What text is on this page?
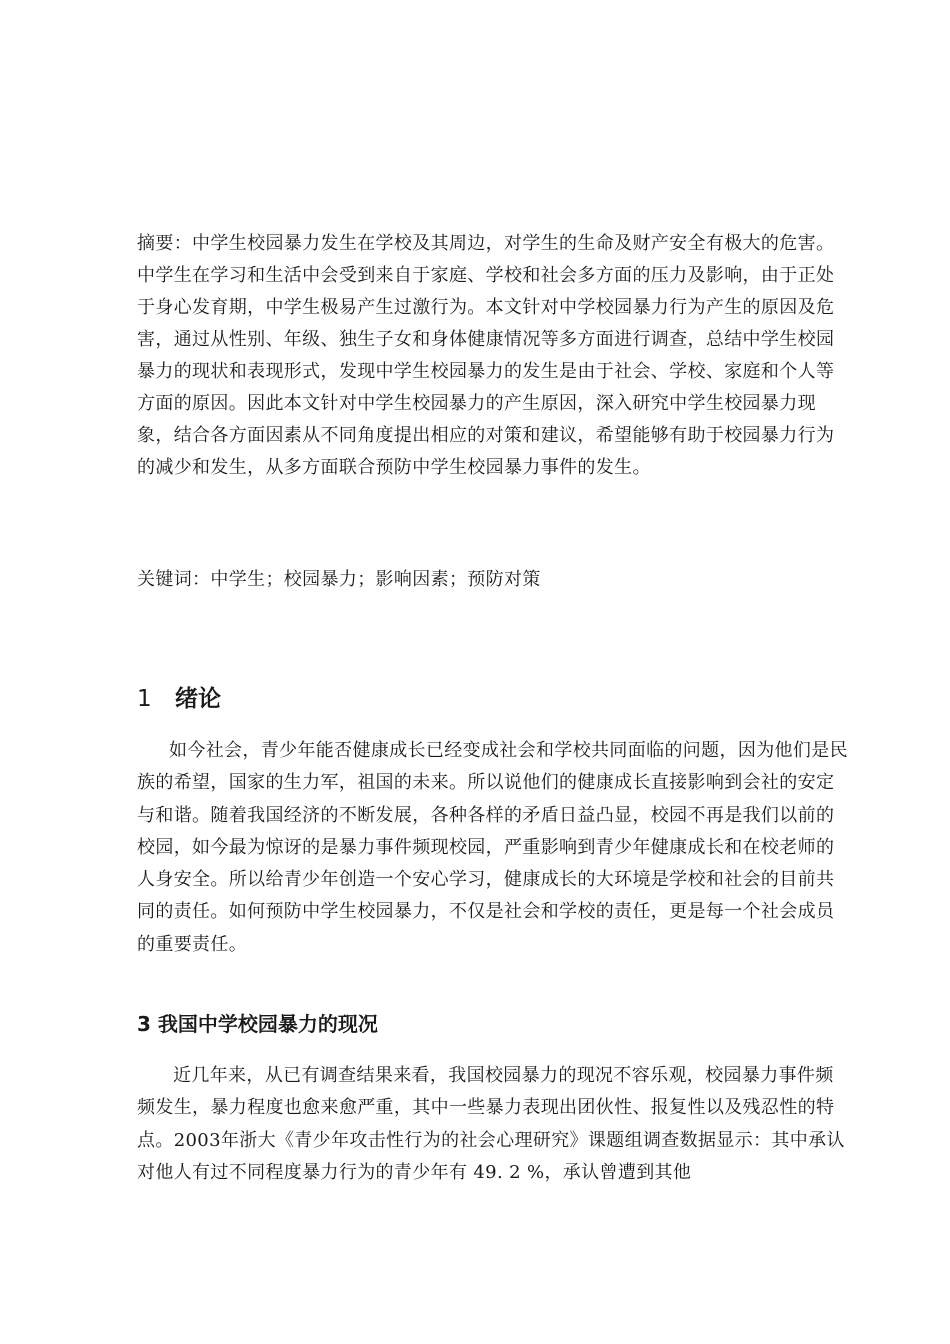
摘要：中学生校园暴力发生在学校及其周边，对学生的生命及财产安全有极大的危害。中学生在学习和生活中会受到来自于家庭、学校和社会多方面的压力及影响，由于正处于身心发育期，中学生极易产生过激行为。本文针对中学校园暴力行为产生的原因及危害，通过从性别、年级、独生子女和身体健康情况等多方面进行调查，总结中学生校园暴力的现状和表现形式，发现中学生校园暴力的发生是由于社会、学校、家庭和个人等方面的原因。因此本文针对中学生校园暴力的产生原因，深入研究中学生校园暴力现象，结合各方面因素从不同角度提出相应的对策和建议，希望能够有助于校园暴力行为的减少和发生，从多方面联合预防中学生校园暴力事件的发生。

关键词：中学生；校园暴力；影响因素；预防对策

1 绪论

如今社会，青少年能否健康成长已经变成社会和学校共同面临的问题，因为他们是民族的希望，国家的生力军，祖国的未来。所以说他们的健康成长直接影响到会社的安定与和谐。随着我国经济的不断发展，各种各样的矛盾日益凸显，校园不再是我们以前的校园，如今最为惊讶的是暴力事件频现校园，严重影响到青少年健康成长和在校老师的人身安全。所以给青少年创造一个安心学习，健康成长的大环境是学校和社会的目前共同的责任。如何预防中学生校园暴力，不仅是社会和学校的责任，更是每一个社会成员的重要责任。

3 我国中学校园暴力的现况

近几年来，从已有调查结果来看，我国校园暴力的现况不容乐观，校园暴力事件频频发生，暴力程度也愈来愈严重，其中一些暴力表现出团伙性、报复性以及残忍性的特点。2003年浙大《青少年攻击性行为的社会心理研究》课题组调查数据显示：其中承认对他人有过不同程度暴力行为的青少年有 49. 2 %，承认曾遭到其他
